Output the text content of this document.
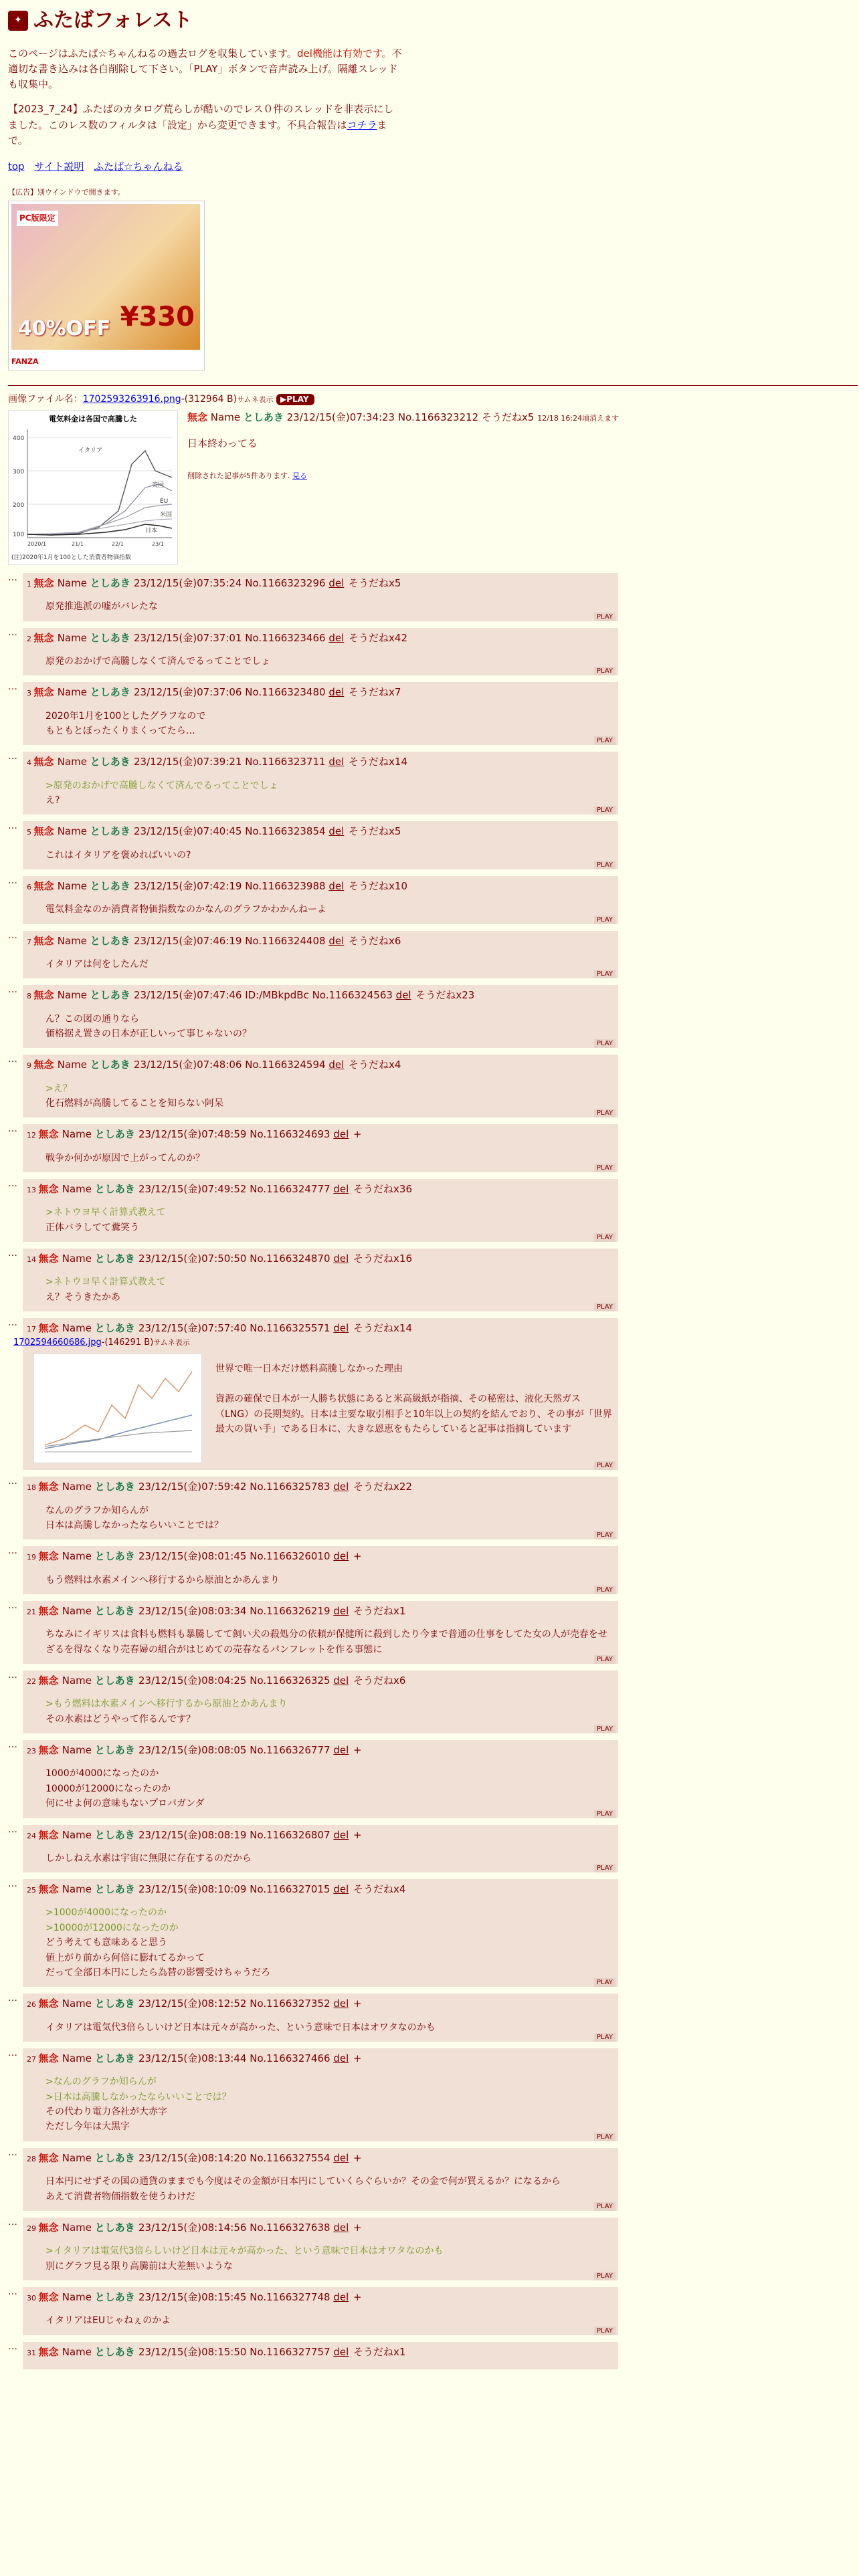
✦ ふたばフォレスト

このページはふたば☆ちゃんねるの過去ログを収集しています。del機能は有効です。不適切な書き込みは各自削除して下さい。「PLAY」ボタンで音声読み上げ。隔離スレッドも収集中。

【2023_7_24】ふたばのカタログ荒らしが酷いのでレス０件のスレッドを非表示にしました。このレス数のフィルタは「設定」から変更できます。不具合報告はコチラまで。

top サイト説明 ふたば☆ちゃんねる
【広告】別ウインドウで開きます。
PC版限定
40%OFF ¥330
FANZA
画像ファイル名：1702593263916.png-(312964 B)サムネ表示 ▶PLAY
電気料金は各国で高騰した
400
300
200
100
2020/1	21/1	22/1	23/1
イタリア
英国
EU
米国
日本
(注)2020年1月を100とした消費者物価指数
無念 Name としあき 23/12/15(金)07:34:23 No.1166323212 そうだねx5 12/18 16:24頃消えます
日本終わってる
削除された記事が5件あります. 見る
…
1 無念 Name としあき 23/12/15(金)07:35:24 No.1166323296 del そうだねx5
原発推進派の嘘がバレたな
PLAY
…
2 無念 Name としあき 23/12/15(金)07:37:01 No.1166323466 del そうだねx42
原発のおかげで高騰しなくて済んでるってことでしょ
PLAY
…
3 無念 Name としあき 23/12/15(金)07:37:06 No.1166323480 del そうだねx7
2020年1月を100としたグラフなので
もともとぼったくりまくってたら…
PLAY
…
4 無念 Name としあき 23/12/15(金)07:39:21 No.1166323711 del そうだねx14
>原発のおかげで高騰しなくて済んでるってことでしょ
え?
PLAY
…
5 無念 Name としあき 23/12/15(金)07:40:45 No.1166323854 del そうだねx5
これはイタリアを褒めればいいの?
PLAY
…
6 無念 Name としあき 23/12/15(金)07:42:19 No.1166323988 del そうだねx10
電気料金なのか消費者物価指数なのかなんのグラフかわかんねーよ
PLAY
…
7 無念 Name としあき 23/12/15(金)07:46:19 No.1166324408 del そうだねx6
イタリアは何をしたんだ
PLAY
…
8 無念 Name としあき 23/12/15(金)07:47:46 ID:/MBkpdBc No.1166324563 del そうだねx23
ん？この図の通りなら
価格据え置きの日本が正しいって事じゃないの？
PLAY
…
9 無念 Name としあき 23/12/15(金)07:48:06 No.1166324594 del そうだねx4
>え？
化石燃料が高騰してることを知らない阿呆
PLAY
…
12 無念 Name としあき 23/12/15(金)07:48:59 No.1166324693 del +
戦争か何かが原因で上がってんのか？
PLAY
…
13 無念 Name としあき 23/12/15(金)07:49:52 No.1166324777 del そうだねx36
>ネトウヨ早く計算式教えて
正体バラしてて糞笑う
PLAY
…
14 無念 Name としあき 23/12/15(金)07:50:50 No.1166324870 del そうだねx16
>ネトウヨ早く計算式教えて
え？そうきたかあ
PLAY
…
17 無念 Name としあき 23/12/15(金)07:57:40 No.1166325571 del そうだねx14
1702594660686.jpg-(146291 B)サムネ表示
世界で唯一日本だけ燃料高騰しなかった理由

資源の確保で日本が一人勝ち状態にあると米高級紙が指摘、その秘密は、液化天然ガス（LNG）の長期契約。日本は主要な取引相手と10年以上の契約を結んでおり、その事が「世界最大の買い手」である日本に、大きな恩恵をもたらしていると記事は指摘しています
PLAY
…
18 無念 Name としあき 23/12/15(金)07:59:42 No.1166325783 del そうだねx22
なんのグラフか知らんが
日本は高騰しなかったならいいことでは？
PLAY
…
19 無念 Name としあき 23/12/15(金)08:01:45 No.1166326010 del +
もう燃料は水素メインへ移行するから原油とかあんまり
PLAY
…
21 無念 Name としあき 23/12/15(金)08:03:34 No.1166326219 del そうだねx1
ちなみにイギリスは食料も燃料も暴騰してて飼い犬の殺処分の依頼が保健所に殺到したり今まで普通の仕事をしてた女の人が売春をせざるを得なくなり売春婦の組合がはじめての売春なるパンフレットを作る事態に
PLAY
…
22 無念 Name としあき 23/12/15(金)08:04:25 No.1166326325 del そうだねx6
>もう燃料は水素メインへ移行するから原油とかあんまり
その水素はどうやって作るんです？
PLAY
…
23 無念 Name としあき 23/12/15(金)08:08:05 No.1166326777 del +
1000が4000になったのか
10000が12000になったのか
何にせよ何の意味もないプロパガンダ
PLAY
…
24 無念 Name としあき 23/12/15(金)08:08:19 No.1166326807 del +
しかしねえ水素は宇宙に無限に存在するのだから
PLAY
…
25 無念 Name としあき 23/12/15(金)08:10:09 No.1166327015 del そうだねx4
>1000が4000になったのか
>10000が12000になったのか
どう考えても意味あると思う
値上がり前から何倍に膨れてるかって
だって全部日本円にしたら為替の影響受けちゃうだろ
PLAY
…
26 無念 Name としあき 23/12/15(金)08:12:52 No.1166327352 del +
イタリアは電気代3倍らしいけど日本は元々が高かった、という意味で日本はオワタなのかも
PLAY
…
27 無念 Name としあき 23/12/15(金)08:13:44 No.1166327466 del +
>なんのグラフか知らんが
>日本は高騰しなかったならいいことでは？
その代わり電力各社が大赤字
ただし今年は大黒字
PLAY
…
28 無念 Name としあき 23/12/15(金)08:14:20 No.1166327554 del +
日本円にせずその国の通貨のままでも今度はその金額が日本円にしていくらぐらいか？その金で何が買えるか？になるから
あえて消費者物価指数を使うわけだ
PLAY
…
29 無念 Name としあき 23/12/15(金)08:14:56 No.1166327638 del +
>イタリアは電気代3倍らしいけど日本は元々が高かった、という意味で日本はオワタなのかも
別にグラフ見る限り高騰前は大差無いような
PLAY
…
30 無念 Name としあき 23/12/15(金)08:15:45 No.1166327748 del +
イタリアはEUじゃねぇのかよ
PLAY
…
31 無念 Name としあき 23/12/15(金)08:15:50 No.1166327757 del そうだねx1
